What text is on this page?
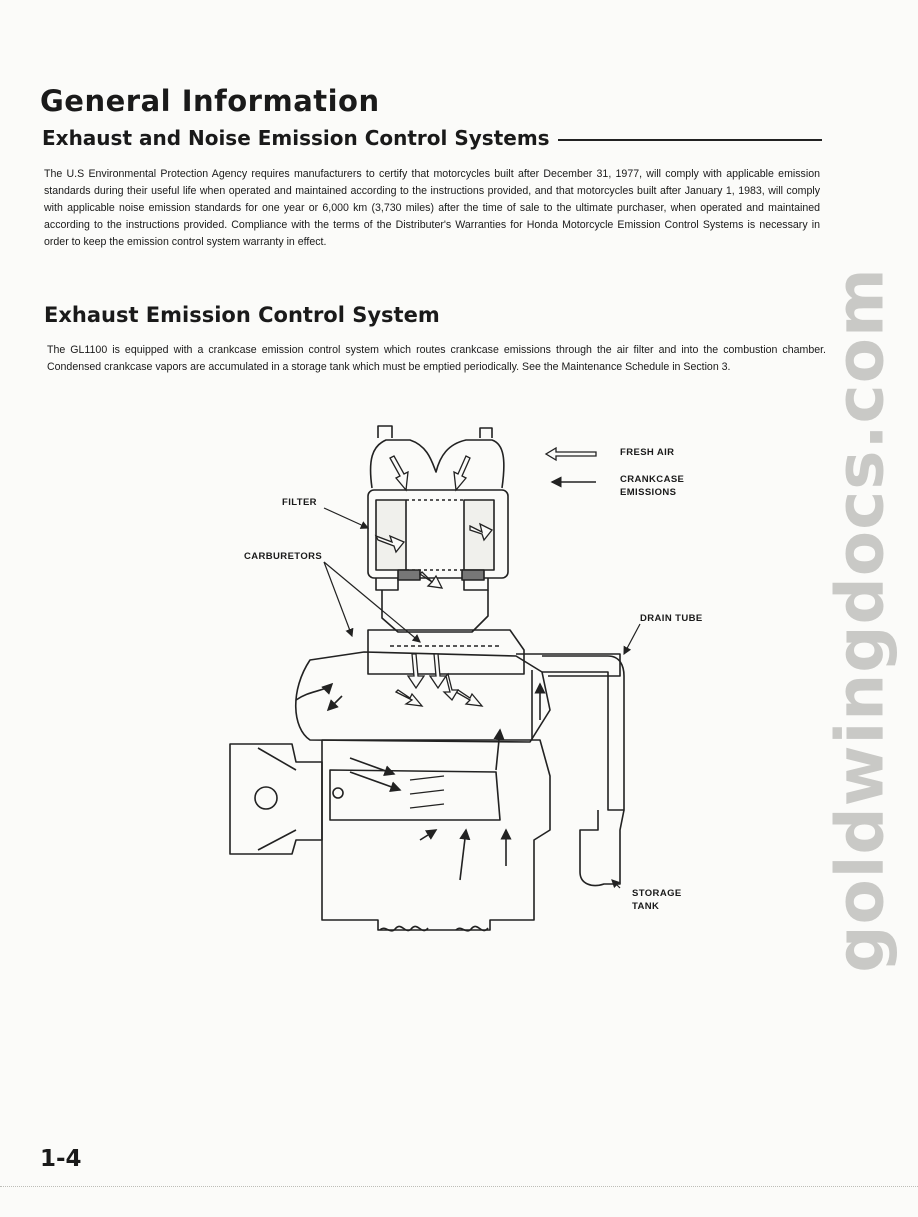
General Information
Exhaust and Noise Emission Control Systems

The U.S Environmental Protection Agency requires manufacturers to certify that motorcycles built after December 31, 1977, will comply with applicable emission standards during their useful life when operated and maintained according to the instructions provided, and that motorcycles built after January 1, 1983, will comply with applicable noise emission standards for one year or 6,000 km (3,730 miles) after the time of sale to the ultimate purchaser, when operated and maintained according to the instructions provided. Compliance with the terms of the Distributer's Warranties for Honda Motorcycle Emission Control Systems is necessary in order to keep the emission control system warranty in effect.

Exhaust Emission Control System

The GL1100 is equipped with a crankcase emission control system which routes crankcase emissions through the air filter and into the combustion chamber. Condensed crankcase vapors are accumulated in a storage tank which must be emptied periodically. See the Maintenance Schedule in Section 3.

FRESH AIR
CRANKCASE
EMISSIONS
FILTER
CARBURETORS
DRAIN TUBE
STORAGE
TANK	goldwingdocs.com
1-4
